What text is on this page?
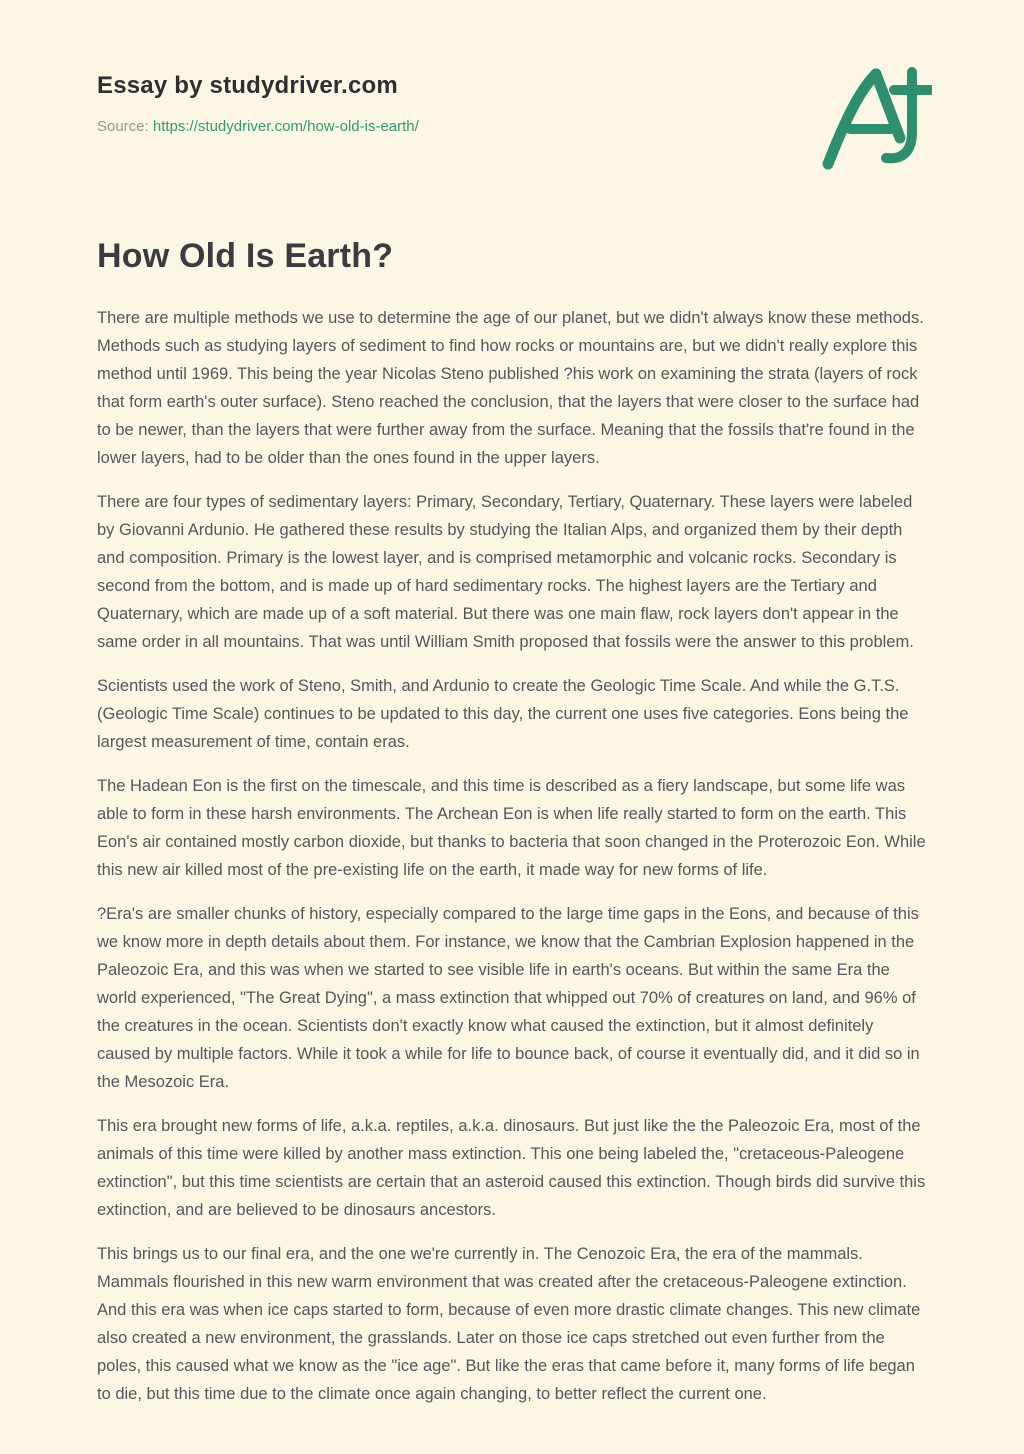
Essay by studydriver.com

Source: https://studydriver.com/how-old-is-earth/

How Old Is Earth?

There are multiple methods we use to determine the age of our planet, but we didn't always know these methods. Methods such as studying layers of sediment to find how rocks or mountains are, but we didn't really explore this method until 1969. This being the year Nicolas Steno published ?his work on examining the strata (layers of rock that form earth's outer surface). Steno reached the conclusion, that the layers that were closer to the surface had to be newer, than the layers that were further away from the surface. Meaning that the fossils that're found in the lower layers, had to be older than the ones found in the upper layers.

There are four types of sedimentary layers: Primary, Secondary, Tertiary, Quaternary. These layers were labeled by Giovanni Ardunio. He gathered these results by studying the Italian Alps, and organized them by their depth and composition. Primary is the lowest layer, and is comprised metamorphic and volcanic rocks. Secondary is second from the bottom, and is made up of hard sedimentary rocks. The highest layers are the Tertiary and Quaternary, which are made up of a soft material. But there was one main flaw, rock layers don't appear in the same order in all mountains. That was until William Smith proposed that fossils were the answer to this problem.

Scientists used the work of Steno, Smith, and Ardunio to create the Geologic Time Scale. And while the G.T.S. (Geologic Time Scale) continues to be updated to this day, the current one uses five categories. Eons being the largest measurement of time, contain eras.

The Hadean Eon is the first on the timescale, and this time is described as a fiery landscape, but some life was able to form in these harsh environments. The Archean Eon is when life really started to form on the earth. This Eon's air contained mostly carbon dioxide, but thanks to bacteria that soon changed in the Proterozoic Eon. While this new air killed most of the pre-existing life on the earth, it made way for new forms of life.

?Era's are smaller chunks of history, especially compared to the large time gaps in the Eons, and because of this we know more in depth details about them. For instance, we know that the Cambrian Explosion happened in the Paleozoic Era, and this was when we started to see visible life in earth's oceans. But within the same Era the world experienced, "The Great Dying", a mass extinction that whipped out 70% of creatures on land, and 96% of the creatures in the ocean. Scientists don't exactly know what caused the extinction, but it almost definitely caused by multiple factors. While it took a while for life to bounce back, of course it eventually did, and it did so in the Mesozoic Era.

This era brought new forms of life, a.k.a. reptiles, a.k.a. dinosaurs. But just like the the Paleozoic Era, most of the animals of this time were killed by another mass extinction. This one being labeled the, "cretaceous-Paleogene extinction", but this time scientists are certain that an asteroid caused this extinction. Though birds did survive this extinction, and are believed to be dinosaurs ancestors.

This brings us to our final era, and the one we're currently in. The Cenozoic Era, the era of the mammals. Mammals flourished in this new warm environment that was created after the cretaceous-Paleogene extinction. And this era was when ice caps started to form, because of even more drastic climate changes. This new climate also created a new environment, the grasslands. Later on those ice caps stretched out even further from the poles, this caused what we know as the "ice age". But like the eras that came before it, many forms of life began to die, but this time due to the climate once again changing, to better reflect the current one.
